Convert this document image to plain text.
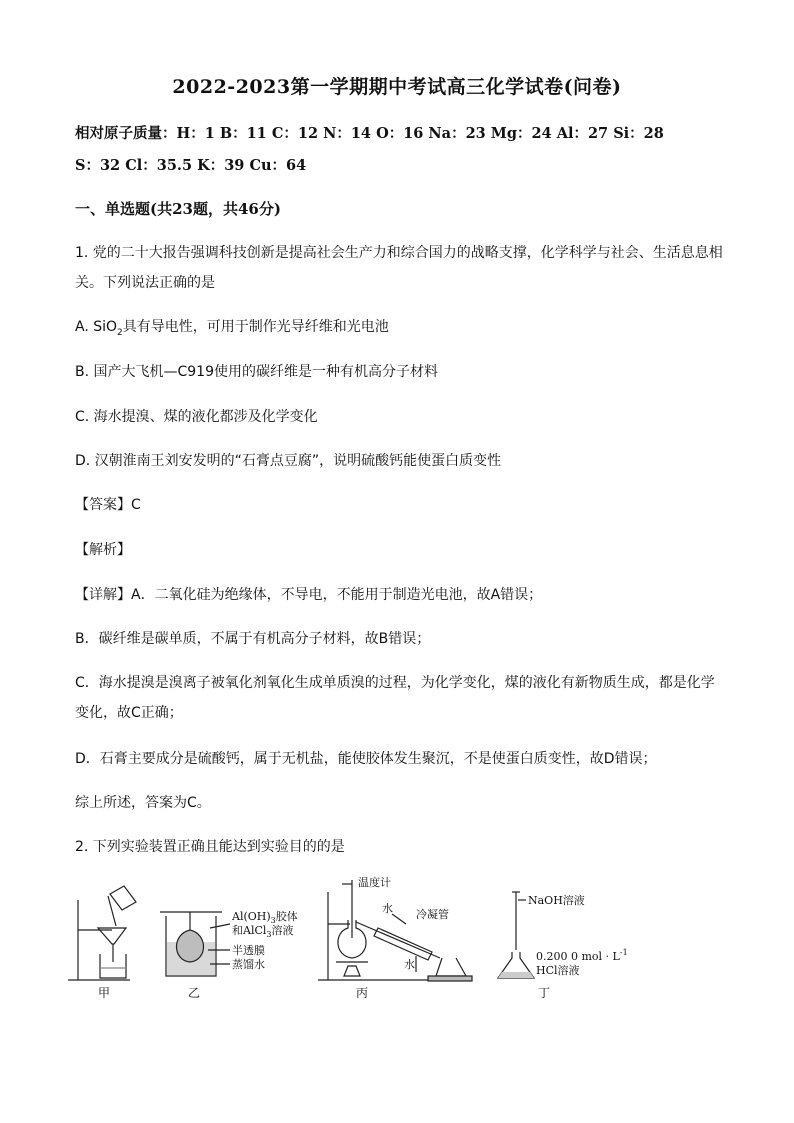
2022-2023第一学期期中考试高三化学试卷(问卷)
相对原子质量：H：1 B：11 C：12 N：14 O：16 Na：23 Mg：24 Al：27 Si：28
S：32 Cl：35.5 K：39 Cu：64
一、单选题(共23题，共46分)
1. 党的二十大报告强调科技创新是提高社会生产力和综合国力的战略支撑，化学科学与社会、生活息息相
关。下列说法正确的是
A. SiO$_2$具有导电性，可用于制作光导纤维和光电池
B. 国产大飞机—C919使用的碳纤维是一种有机高分子材料
C. 海水提溴、煤的液化都涉及化学变化
D. 汉朝淮南王刘安发明的“石膏点豆腐”，说明硫酸钙能使蛋白质变性
【答案】C
【解析】
【详解】A．二氧化硅为绝缘体，不导电，不能用于制造光电池，故A错误；
B．碳纤维是碳单质，不属于有机高分子材料，故B错误；
C．海水提溴是溴离子被氧化剂氧化生成单质溴的过程，为化学变化，煤的液化有新物质生成，都是化学
变化，故C正确；
D．石膏主要成分是硫酸钙，属于无机盐，能使胶体发生聚沉，不是使蛋白质变性，故D错误；
综上所述，答案为C。
2. 下列实验装置正确且能达到实验目的的是
甲
$Al(OH)_3$胶体
和AlCl$_3$溶液
半透膜
蒸馏水
乙
温度计
水 冷凝管
水
丙
NaOH溶液
0.200 0 mol · $L^{-1}$
HCl溶液
丁
